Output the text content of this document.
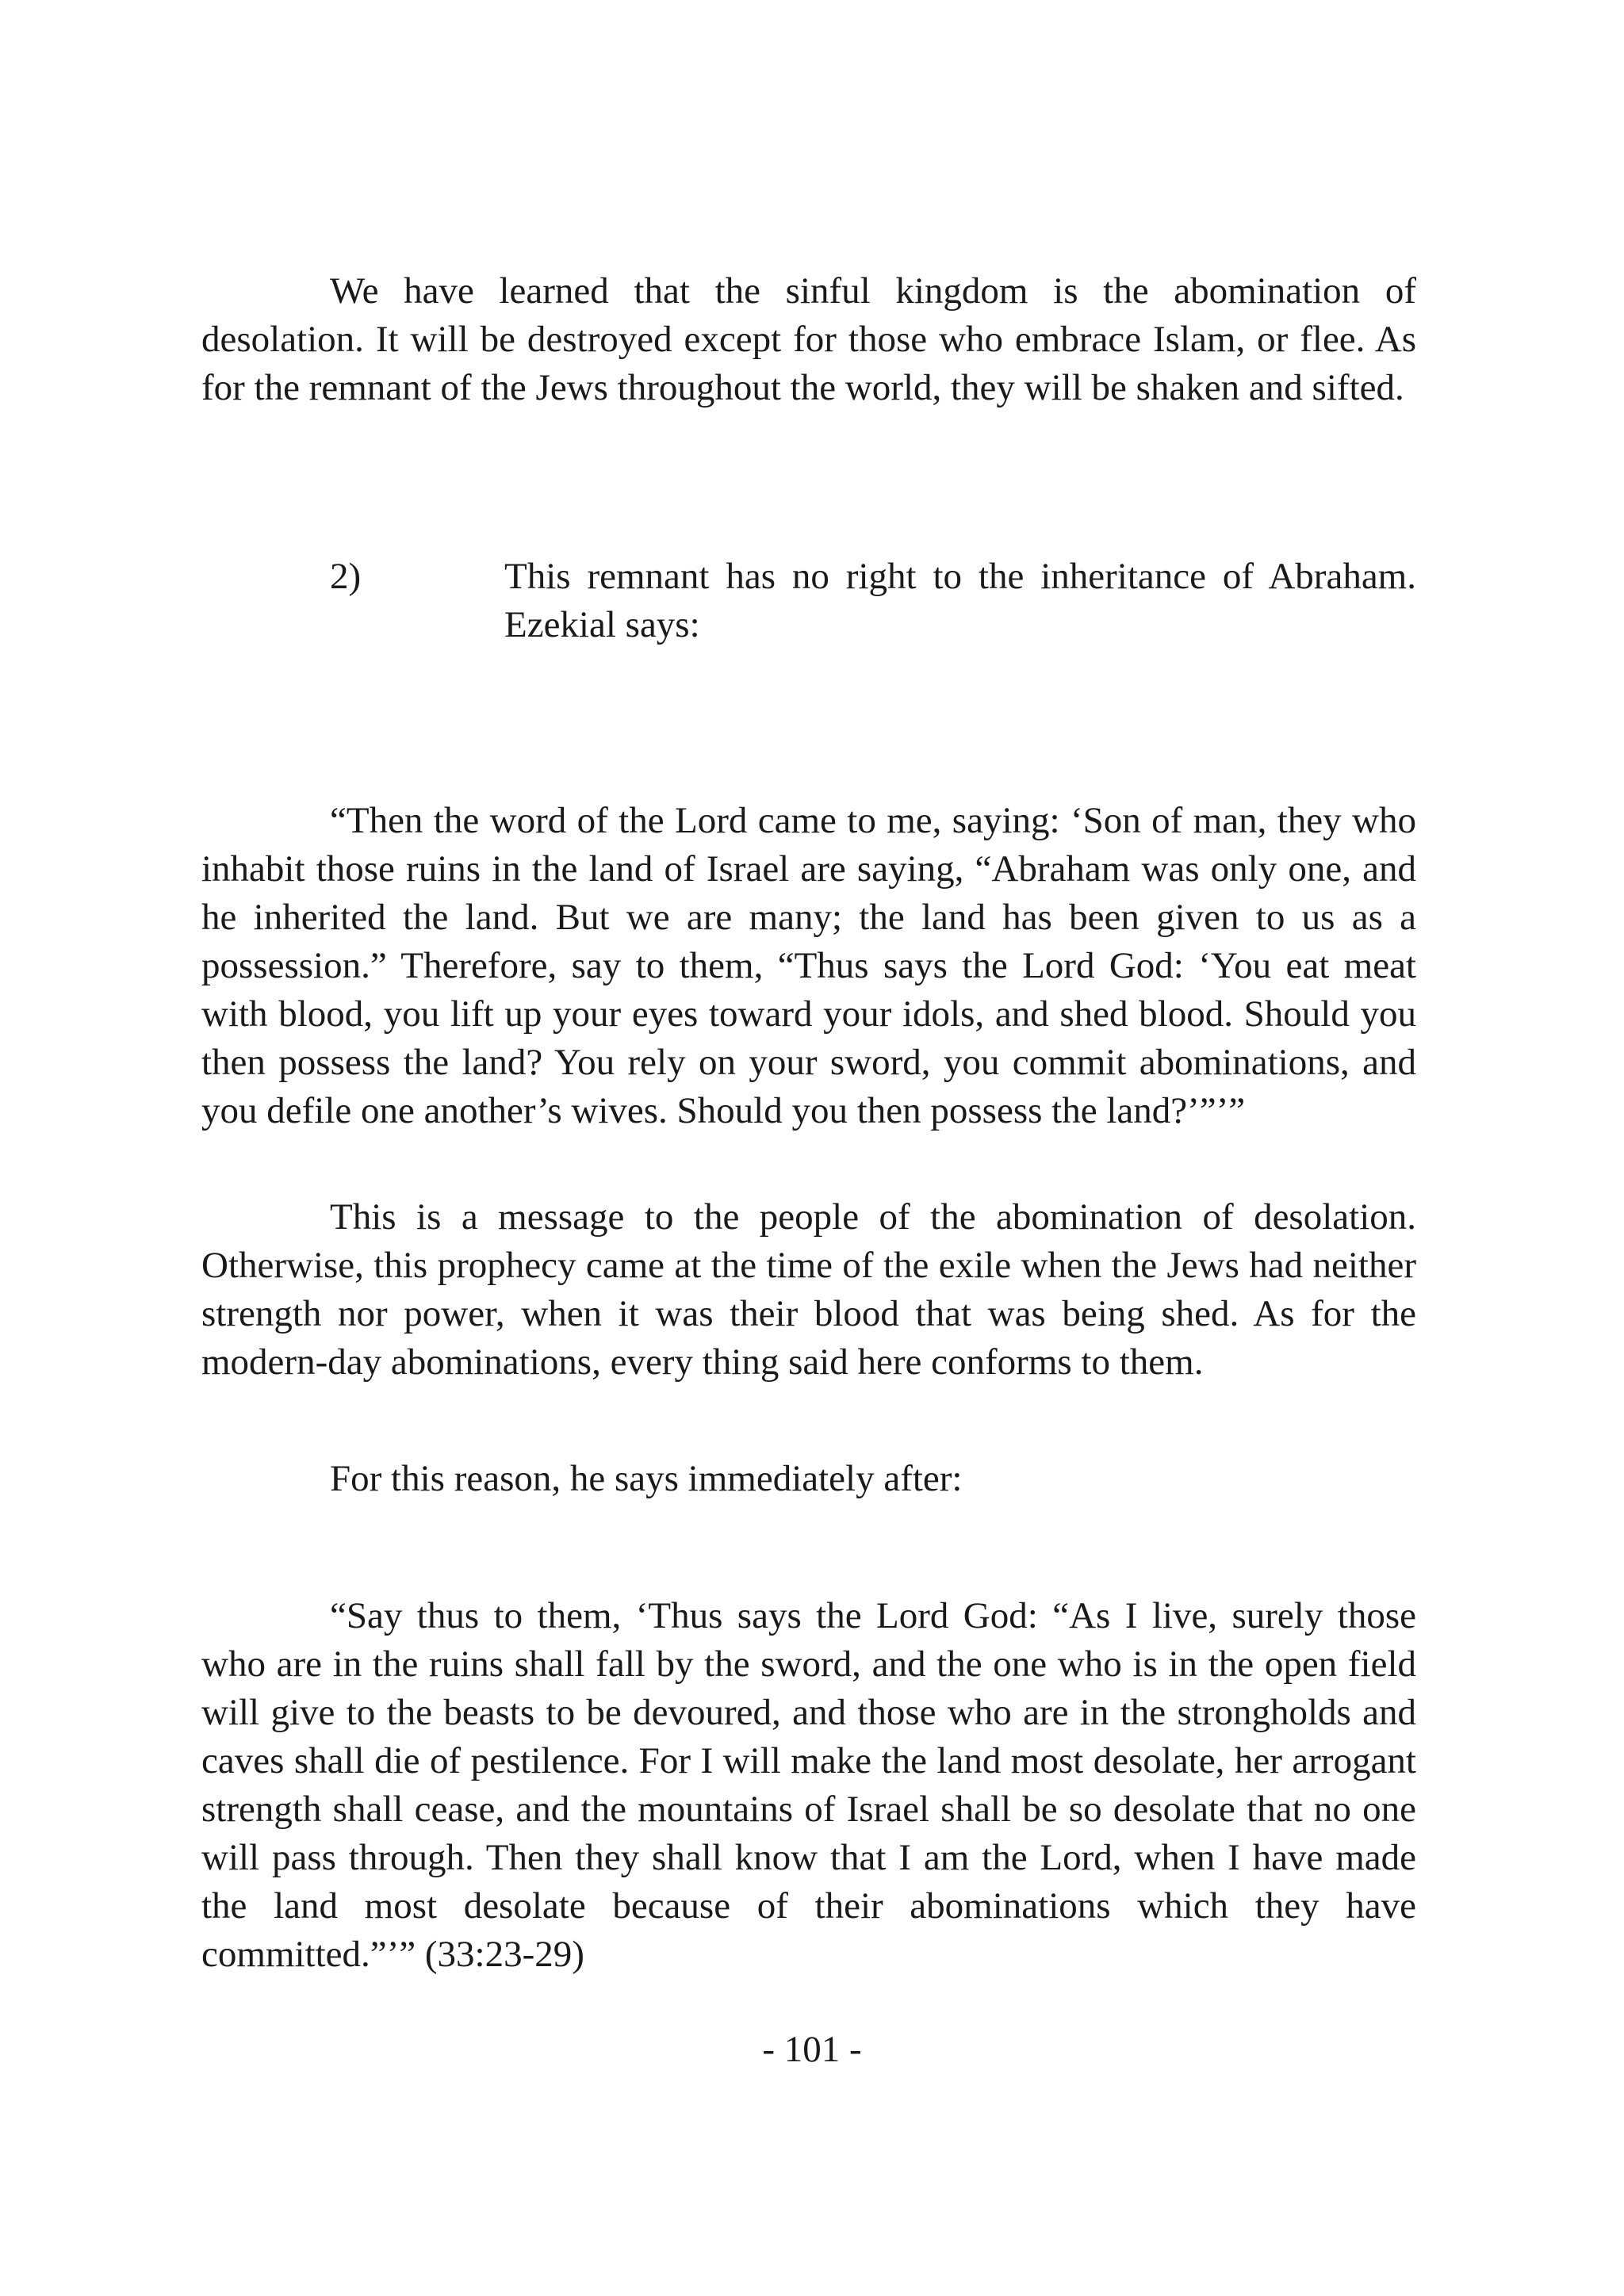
We have learned that the sinful kingdom is the abomination of desolation. It will be destroyed except for those who embrace Islam, or flee. As for the remnant of the Jews throughout the world, they will be shaken and sifted.

2)	This remnant has no right to the inheritance of Abraham. Ezekial says:

“Then the word of the Lord came to me, saying: ‘Son of man, they who inhabit those ruins in the land of Israel are saying, “Abraham was only one, and he inherited the land. But we are many; the land has been given to us as a possession.” Therefore, say to them, “Thus says the Lord God: ‘You eat meat with blood, you lift up your eyes toward your idols, and shed blood. Should you then possess the land? You rely on your sword, you commit abominations, and you defile one another’s wives. Should you then possess the land?’”’”

This is a message to the people of the abomination of desolation. Otherwise, this prophecy came at the time of the exile when the Jews had neither strength nor power, when it was their blood that was being shed. As for the modern-day abominations, every thing said here conforms to them.

For this reason, he says immediately after:

“Say thus to them, ‘Thus says the Lord God: “As I live, surely those who are in the ruins shall fall by the sword, and the one who is in the open field will give to the beasts to be devoured, and those who are in the strongholds and caves shall die of pestilence. For I will make the land most desolate, her arrogant strength shall cease, and the mountains of Israel shall be so desolate that no one will pass through. Then they shall know that I am the Lord, when I have made the land most desolate because of their abominations which they have committed.”’” (33:23-29)

- 101 -
